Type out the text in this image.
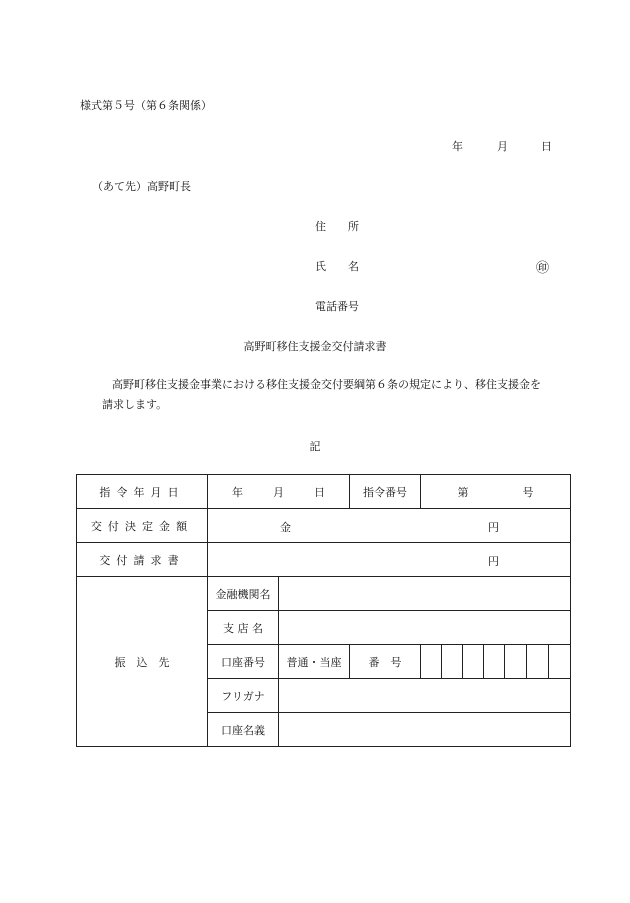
様式第５号（第６条関係）
年	月	日
（あて先）高野町長
住　　所
氏　　名	㊞
電話番号
高野町移住支援金交付請求書
高野町移住支援金事業における移住支援金交付要綱第６条の規定により、移住支援金を
請求します。
記
指令年月日	年 月 日		指令番号	第 号						
交付決定金額	金 円									

交付請求書	円									

振　込　先	金融機関名									
	支 店 名									
	口座番号	普通・当座	番　号							
	フリガナ									
	口座名義									
